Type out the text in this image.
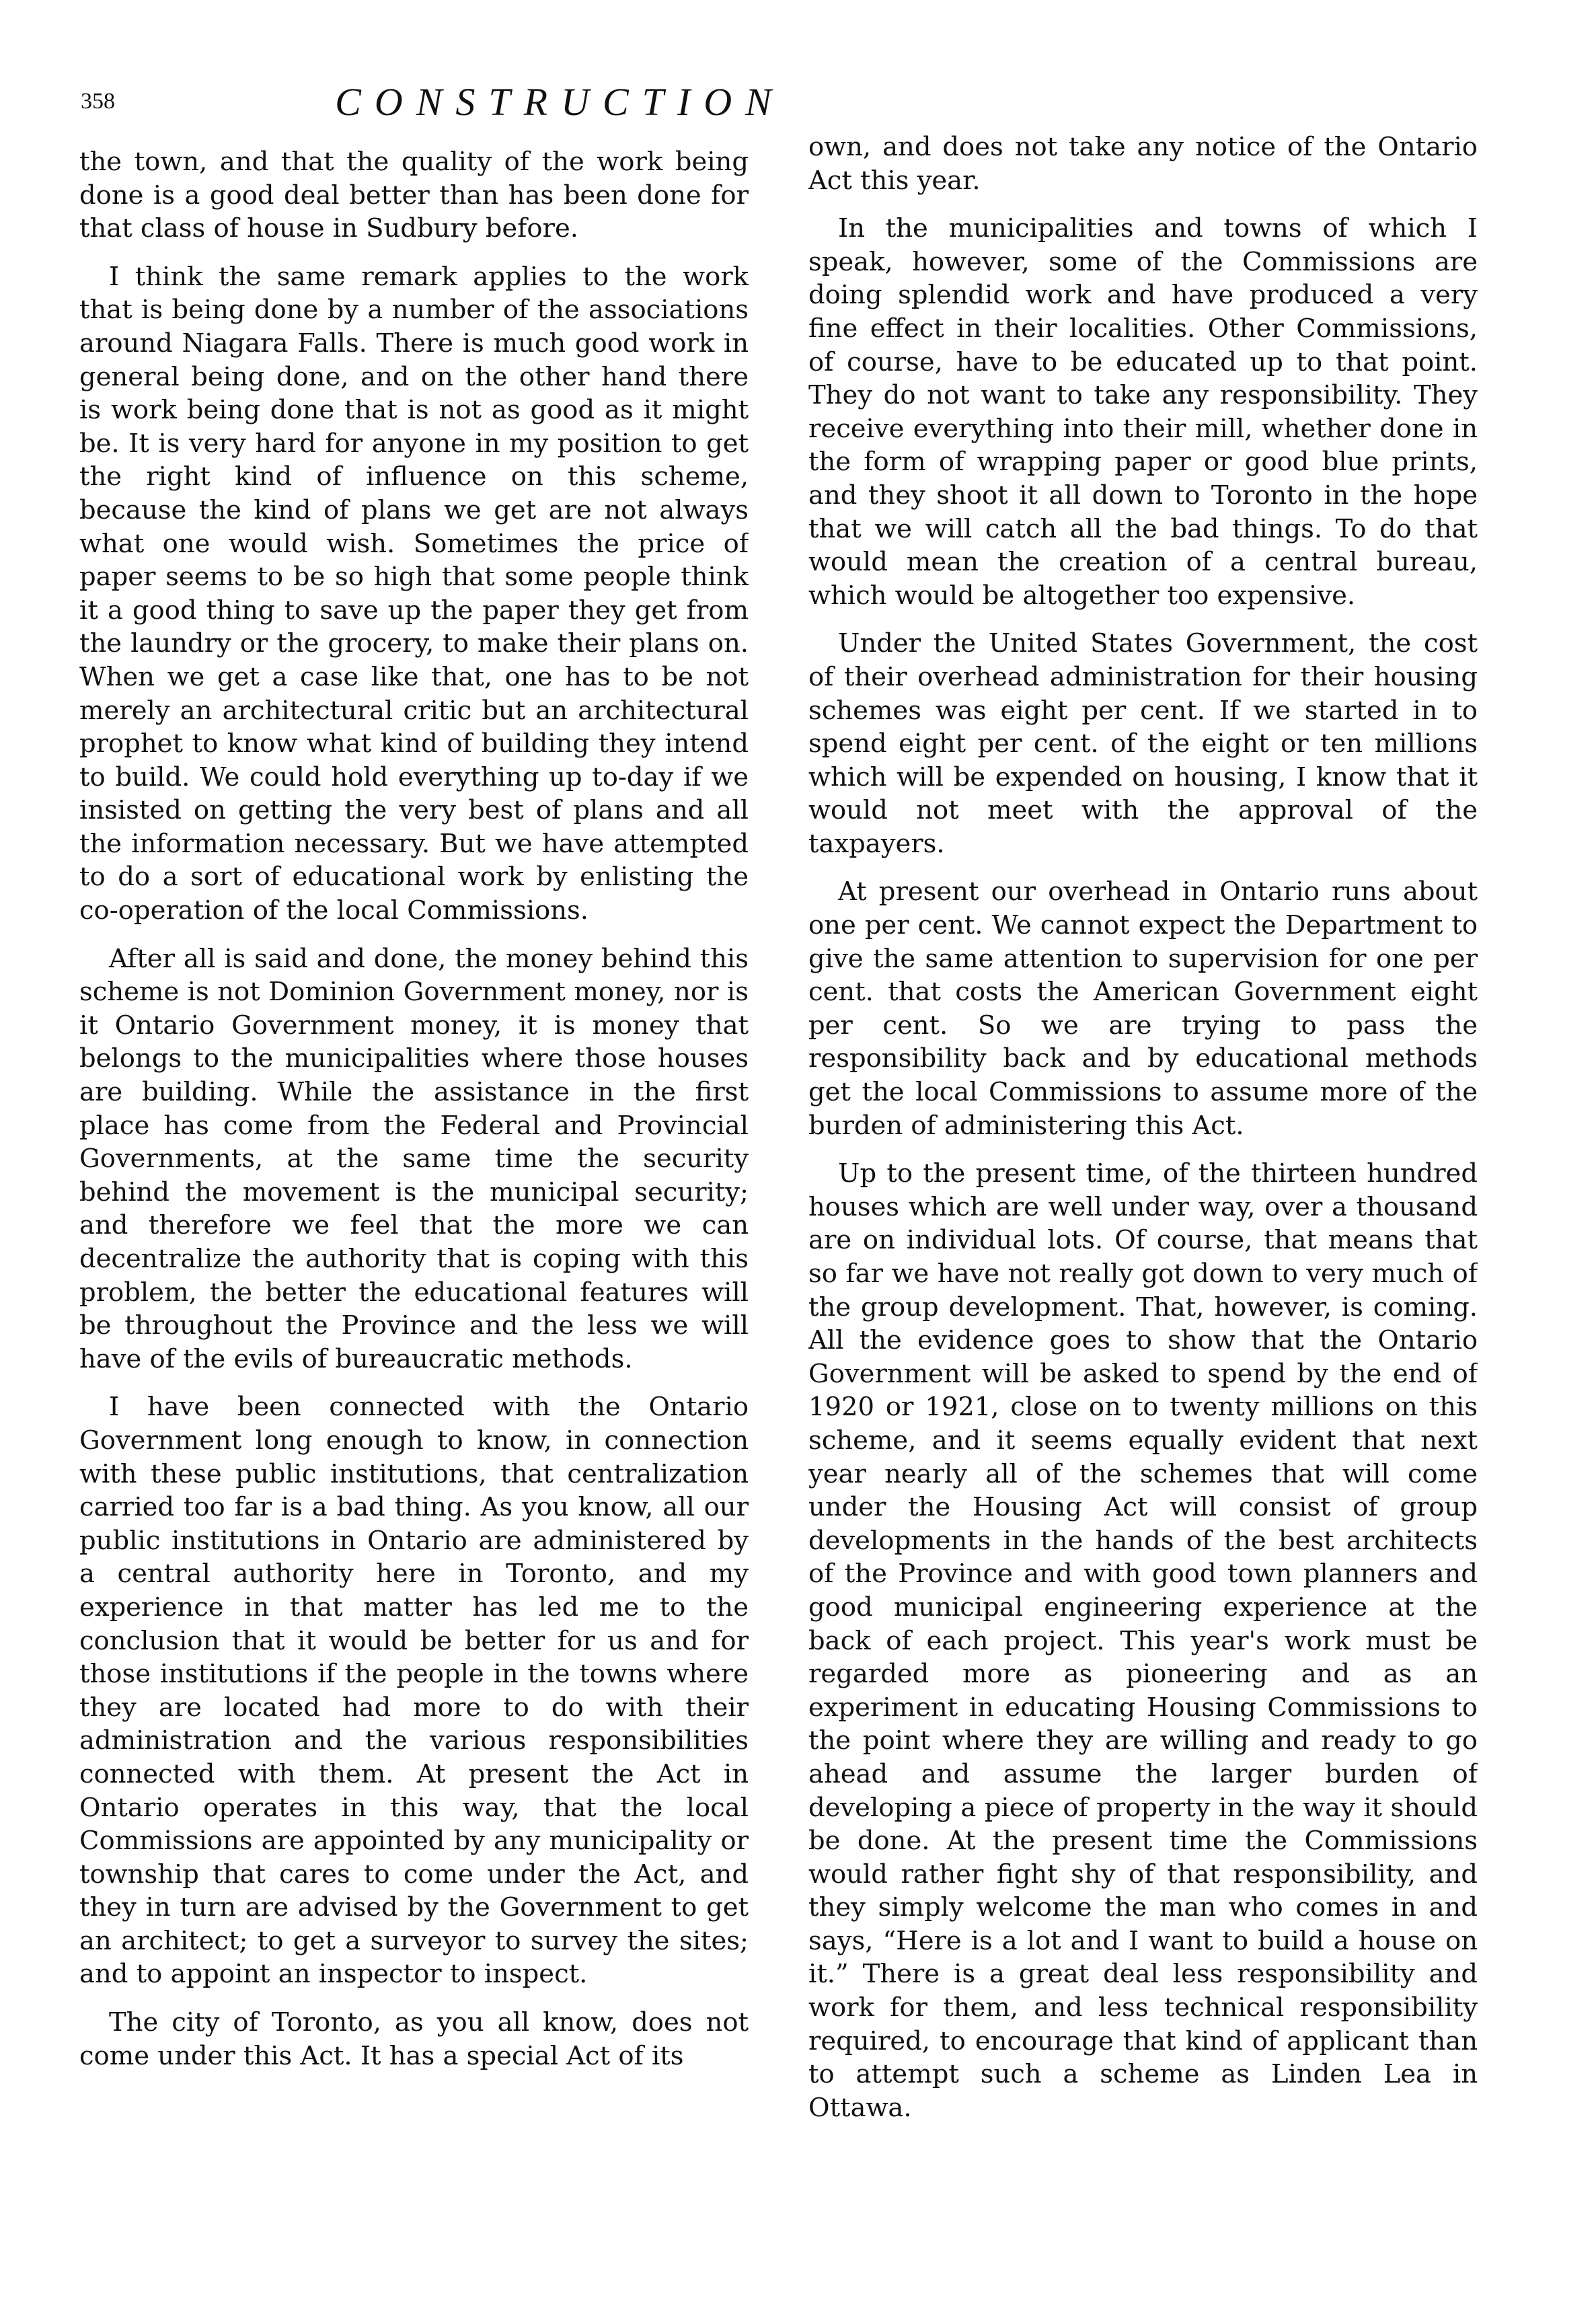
358	CONSTRUCTION

the town, and that the quality of the work being done is a good deal better than has been done for that class of house in Sudbury before.

I think the same remark applies to the work that is being done by a number of the associations around Niagara Falls. There is much good work in general being done, and on the other hand there is work being done that is not as good as it might be. It is very hard for anyone in my position to get the right kind of influence on this scheme, because the kind of plans we get are not always what one would wish. Sometimes the price of paper seems to be so high that some people think it a good thing to save up the paper they get from the laundry or the grocery, to make their plans on. When we get a case like that, one has to be not merely an architectural critic but an architectural prophet to know what kind of building they intend to build. We could hold everything up to-day if we insisted on getting the very best of plans and all the information necessary. But we have attempted to do a sort of educational work by enlisting the co-operation of the local Commissions.

After all is said and done, the money behind this scheme is not Dominion Government money, nor is it Ontario Government money, it is money that belongs to the municipalities where those houses are building. While the assistance in the first place has come from the Federal and Provincial Governments, at the same time the security behind the movement is the municipal security; and therefore we feel that the more we can decentralize the authority that is coping with this problem, the better the educational features will be throughout the Province and the less we will have of the evils of bureaucratic methods.

I have been connected with the Ontario Government long enough to know, in connection with these public institutions, that centralization carried too far is a bad thing. As you know, all our public institutions in Ontario are administered by a central authority here in Toronto, and my experience in that matter has led me to the conclusion that it would be better for us and for those institutions if the people in the towns where they are located had more to do with their administration and the various responsibilities connected with them. At present the Act in Ontario operates in this way, that the local Commissions are appointed by any municipality or township that cares to come under the Act, and they in turn are advised by the Government to get an architect; to get a surveyor to survey the sites; and to appoint an inspector to inspect.

The city of Toronto, as you all know, does not come under this Act. It has a special Act of its

own, and does not take any notice of the Ontario Act this year.

In the municipalities and towns of which I speak, however, some of the Commissions are doing splendid work and have produced a very fine effect in their localities. Other Commissions, of course, have to be educated up to that point. They do not want to take any responsibility. They receive everything into their mill, whether done in the form of wrapping paper or good blue prints, and they shoot it all down to Toronto in the hope that we will catch all the bad things. To do that would mean the creation of a central bureau, which would be altogether too expensive.

Under the United States Government, the cost of their overhead administration for their housing schemes was eight per cent. If we started in to spend eight per cent. of the eight or ten millions which will be expended on housing, I know that it would not meet with the approval of the taxpayers.

At present our overhead in Ontario runs about one per cent. We cannot expect the Department to give the same attention to supervision for one per cent. that costs the American Government eight per cent. So we are trying to pass the responsibility back and by educational methods get the local Commissions to assume more of the burden of administering this Act.

Up to the present time, of the thirteen hundred houses which are well under way, over a thousand are on individual lots. Of course, that means that so far we have not really got down to very much of the group development. That, however, is coming. All the evidence goes to show that the Ontario Government will be asked to spend by the end of 1920 or 1921, close on to twenty millions on this scheme, and it seems equally evident that next year nearly all of the schemes that will come under the Housing Act will consist of group developments in the hands of the best architects of the Province and with good town planners and good municipal engineering experience at the back of each project. This year's work must be regarded more as pioneering and as an experiment in educating Housing Commissions to the point where they are willing and ready to go ahead and assume the larger burden of developing a piece of property in the way it should be done. At the present time the Commissions would rather fight shy of that responsibility, and they simply welcome the man who comes in and says, “Here is a lot and I want to build a house on it.” There is a great deal less responsibility and work for them, and less technical responsibility required, to encourage that kind of applicant than to attempt such a scheme as Linden Lea in Ottawa.
